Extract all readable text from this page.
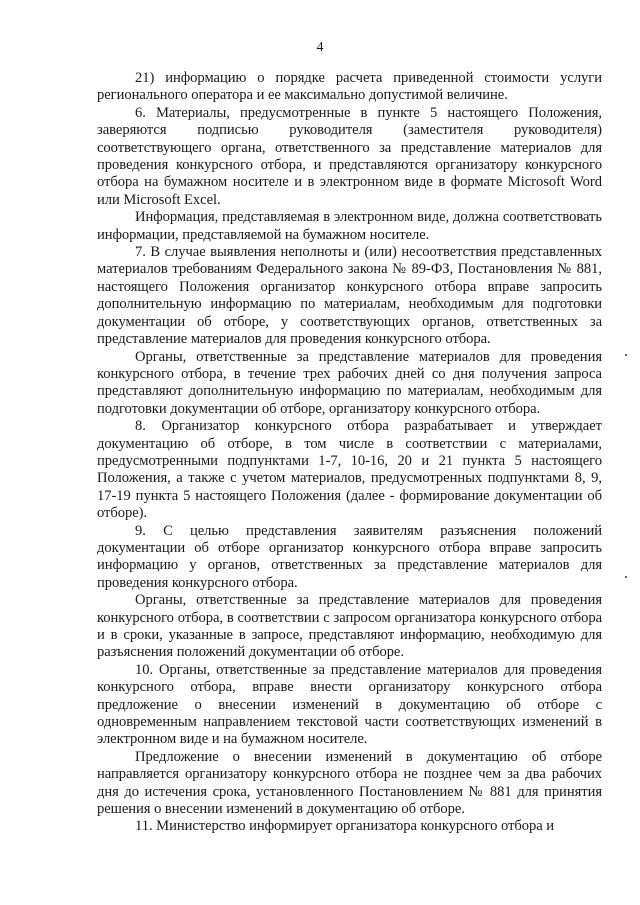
4

21) информацию о порядке расчета приведенной стоимости услуги регионального оператора и ее максимально допустимой величине.

6. Материалы, предусмотренные в пункте 5 настоящего Положения, заверяются подписью руководителя (заместителя руководителя) соответствующего органа, ответственного за представление материалов для проведения конкурсного отбора, и представляются организатору конкурсного отбора на бумажном носителе и в электронном виде в формате Microsoft Word или Microsoft Excel.

Информация, представляемая в электронном виде, должна соответствовать информации, представляемой на бумажном носителе.

7. В случае выявления неполноты и (или) несоответствия представленных материалов требованиям Федерального закона № 89-ФЗ, Постановления № 881, настоящего Положения организатор конкурсного отбора вправе запросить дополнительную информацию по материалам, необходимым для подготовки документации об отборе, у соответствующих органов, ответственных за представление материалов для проведения конкурсного отбора.

Органы, ответственные за представление материалов для проведения конкурсного отбора, в течение трех рабочих дней со дня получения запроса представляют дополнительную информацию по материалам, необходимым для подготовки документации об отборе, организатору конкурсного отбора.

8. Организатор конкурсного отбора разрабатывает и утверждает документацию об отборе, в том числе в соответствии с материалами, предусмотренными подпунктами 1-7, 10-16, 20 и 21 пункта 5 настоящего Положения, а также с учетом материалов, предусмотренных подпунктами 8, 9, 17-19 пункта 5 настоящего Положения (далее - формирование документации об отборе).

9. С целью представления заявителям разъяснения положений документации об отборе организатор конкурсного отбора вправе запросить информацию у органов, ответственных за представление материалов для проведения конкурсного отбора.

Органы, ответственные за представление материалов для проведения конкурсного отбора, в соответствии с запросом организатора конкурсного отбора и в сроки, указанные в запросе, представляют информацию, необходимую для разъяснения положений документации об отборе.

10. Органы, ответственные за представление материалов для проведения конкурсного отбора, вправе внести организатору конкурсного отбора предложение о внесении изменений в документацию об отборе с одновременным направлением текстовой части соответствующих изменений в электронном виде и на бумажном носителе.

Предложение о внесении изменений в документацию об отборе направляется организатору конкурсного отбора не позднее чем за два рабочих дня до истечения срока, установленного Постановлением № 881 для принятия решения о внесении изменений в документацию об отборе.

11. Министерство информирует организатора конкурсного отбора и
